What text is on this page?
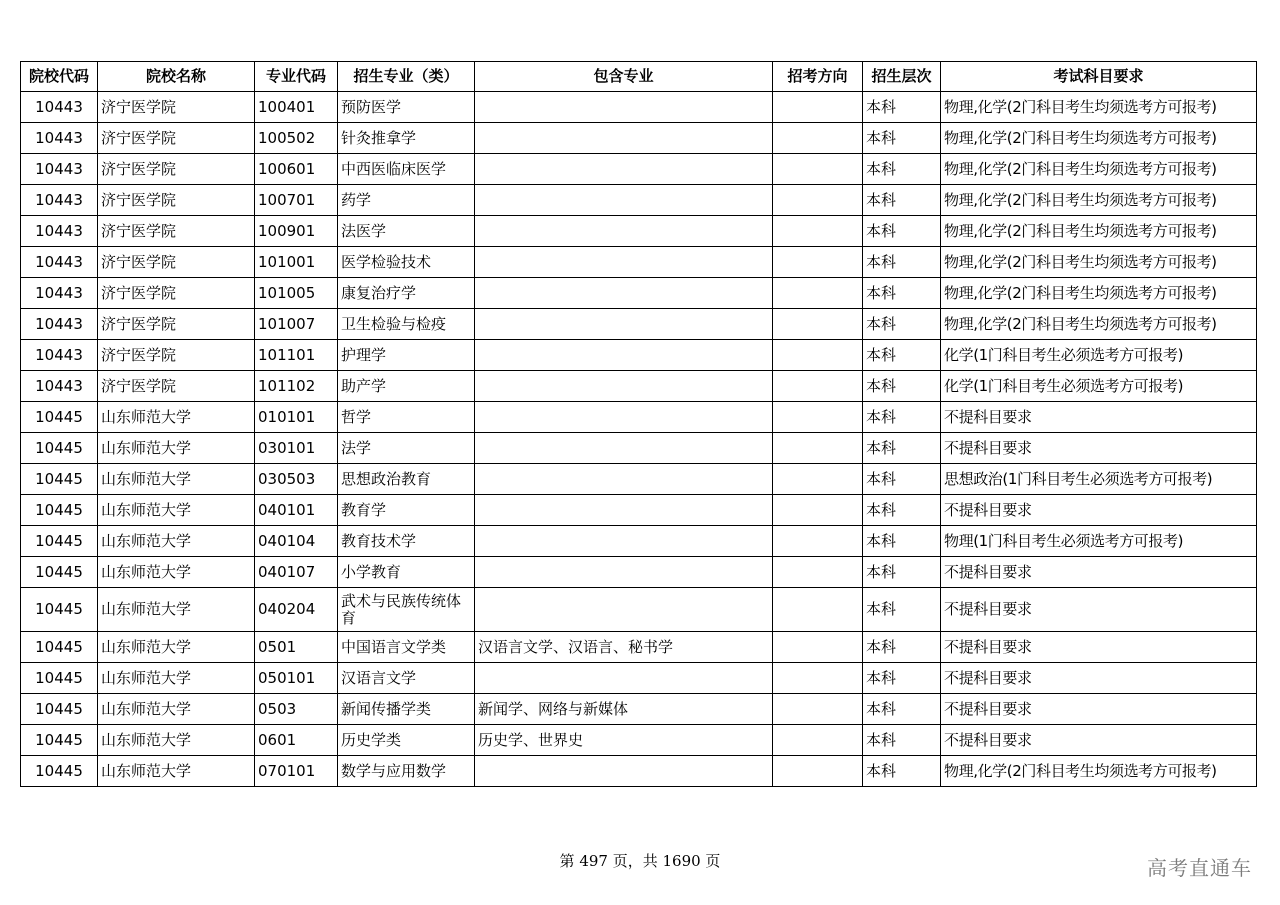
院校代码	院校名称	专业代码	招生专业（类）	包含专业	招考方向	招生层次	考试科目要求
10443	济宁医学院	100401	预防医学			本科	物理,化学(2门科目考生均须选考方可报考)
10443	济宁医学院	100502	针灸推拿学			本科	物理,化学(2门科目考生均须选考方可报考)
10443	济宁医学院	100601	中西医临床医学			本科	物理,化学(2门科目考生均须选考方可报考)
10443	济宁医学院	100701	药学			本科	物理,化学(2门科目考生均须选考方可报考)
10443	济宁医学院	100901	法医学			本科	物理,化学(2门科目考生均须选考方可报考)
10443	济宁医学院	101001	医学检验技术			本科	物理,化学(2门科目考生均须选考方可报考)
10443	济宁医学院	101005	康复治疗学			本科	物理,化学(2门科目考生均须选考方可报考)
10443	济宁医学院	101007	卫生检验与检疫			本科	物理,化学(2门科目考生均须选考方可报考)
10443	济宁医学院	101101	护理学			本科	化学(1门科目考生必须选考方可报考)
10443	济宁医学院	101102	助产学			本科	化学(1门科目考生必须选考方可报考)
10445	山东师范大学	010101	哲学			本科	不提科目要求
10445	山东师范大学	030101	法学			本科	不提科目要求
10445	山东师范大学	030503	思想政治教育			本科	思想政治(1门科目考生必须选考方可报考)
10445	山东师范大学	040101	教育学			本科	不提科目要求
10445	山东师范大学	040104	教育技术学			本科	物理(1门科目考生必须选考方可报考)
10445	山东师范大学	040107	小学教育			本科	不提科目要求
10445	山东师范大学	040204	武术与民族传统体育			本科	不提科目要求
10445	山东师范大学	0501	中国语言文学类	汉语言文学、汉语言、秘书学		本科	不提科目要求
10445	山东师范大学	050101	汉语言文学			本科	不提科目要求
10445	山东师范大学	0503	新闻传播学类	新闻学、网络与新媒体		本科	不提科目要求
10445	山东师范大学	0601	历史学类	历史学、世界史		本科	不提科目要求
10445	山东师范大学	070101	数学与应用数学			本科	物理,化学(2门科目考生均须选考方可报考)
第 497 页，共 1690 页	高考直通车
